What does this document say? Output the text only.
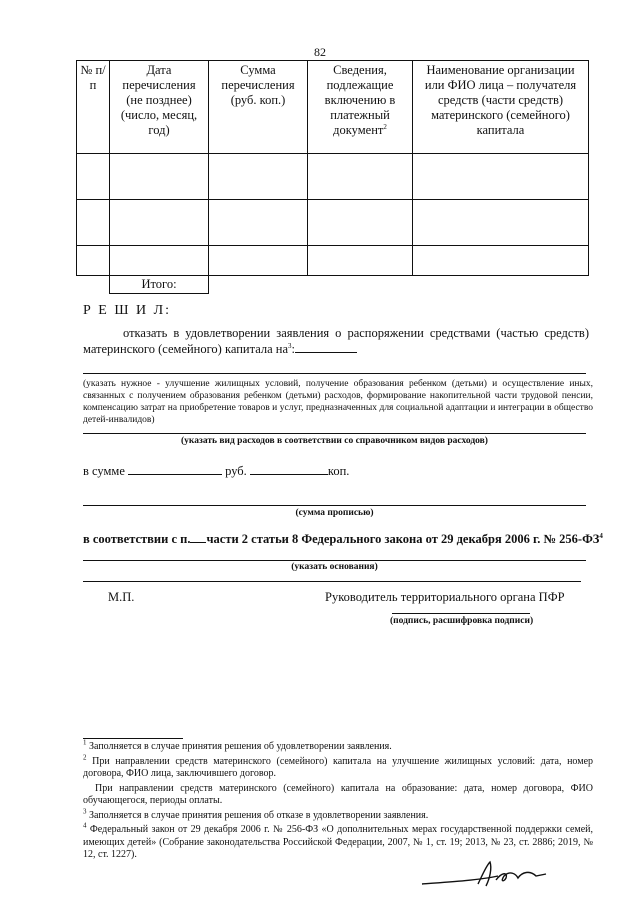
82
№ п/п	Дата перечисления (не позднее) (число, месяц, год)	Сумма перечисления (руб. коп.)	Сведения, подлежащие включению в платежный документ$^2$	Наименование организации или ФИО лица – получателя средств (части средств) материнского (семейного) капитала

	Итого:			
Р Е Ш И Л:
отказать в удовлетворении заявления о распоряжении средствами (частью средств) материнского (семейного) капитала $на^3$:
(указать нужное - улучшение жилищных условий, получение образования ребенком (детьми) и осуществление иных, связанных с получением образования ребенком (детьми) расходов, формирование накопительной части трудовой пенсии, компенсацию затрат на приобретение товаров и услуг, предназначенных для социальной адаптации и интеграции в общество детей-инвалидов)
(указать вид расходов в соответствии со справочником видов расходов)
в сумме	руб.	коп.
(сумма прописью)
в соответствии с п. части 2 статьи 8 Федерального закона от 29 декабря 2006 г. № $256-ФЗ^4$
(указать основания)
М.П.	Руководитель территориального органа ПФР
(подпись, расшифровка подписи)

$^1$ Заполняется в случае принятия решения об удовлетворении заявления.

$^2$ При направлении средств материнского (семейного) капитала на улучшение жилищных условий: дата, номер договора, ФИО лица, заключившего договор.

При направлении средств материнского (семейного) капитала на образование: дата, номер договора, ФИО обучающегося, периоды оплаты.

$^3$ Заполняется в случае принятия решения об отказе в удовлетворении заявления.

$^4$ Федеральный закон от 29 декабря 2006 г. № 256-ФЗ «О дополнительных мерах государственной поддержки семей, имеющих детей» (Собрание законодательства Российской Федерации, 2007, № 1, ст. 19; 2013, № 23, ст. 2886; 2019, № 12, ст. 1227).
